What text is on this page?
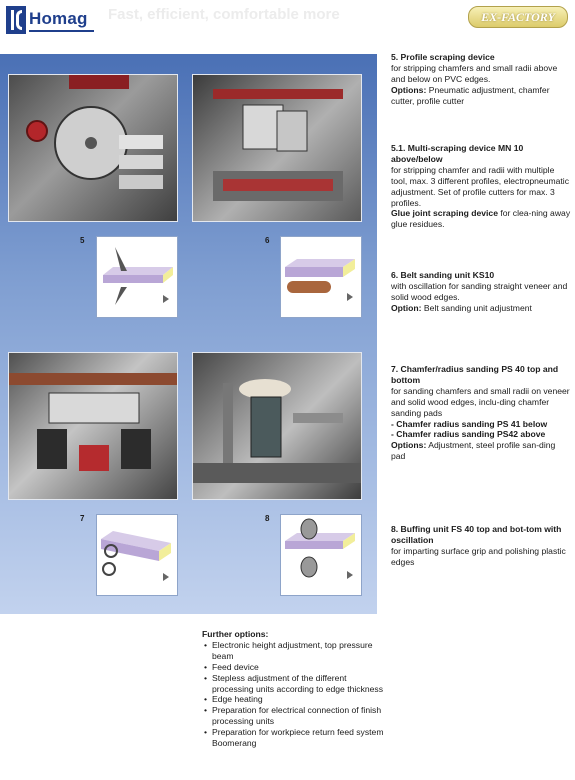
Homag Fast, efficient, comfortable more	EX-FACTORY
5	6
7	8
5. Profile scraping device
for stripping chamfers and small radii above and below on PVC edges.
Options: Pneumatic adjustment, chamfer cutter, profile cutter
5.1. Multi-scraping device MN 10 above/below
for stripping chamfer and radii with multiple tool, max. 3 different profiles, electropneumatic adjustment. Set of profile cutters for max. 3 profiles.
Glue joint scraping device for clea-ning away glue residues.
6. Belt sanding unit KS10
with oscillation for sanding straight veneer and solid wood edges.
Option: Belt sanding unit adjustment
7. Chamfer/radius sanding PS 40 top and bottom
for sanding chamfers and small radii on veneer and solid wood edges, inclu-ding chamfer sanding pads
- Chamfer radius sanding PS 41 below
- Chamfer radius sanding PS42 above
Options: Adjustment, steel profile san-ding pad
8. Buffing unit FS 40 top and bot-tom with oscillation
for imparting surface grip and polishing plastic edges
Further options:
• Electronic height adjustment, top pressure beam
• Feed device
• Stepless adjustment of the different processing units according to edge thickness
• Edge heating
• Preparation for electrical connection of finish processing units
• Preparation for workpiece return feed system Boomerang
